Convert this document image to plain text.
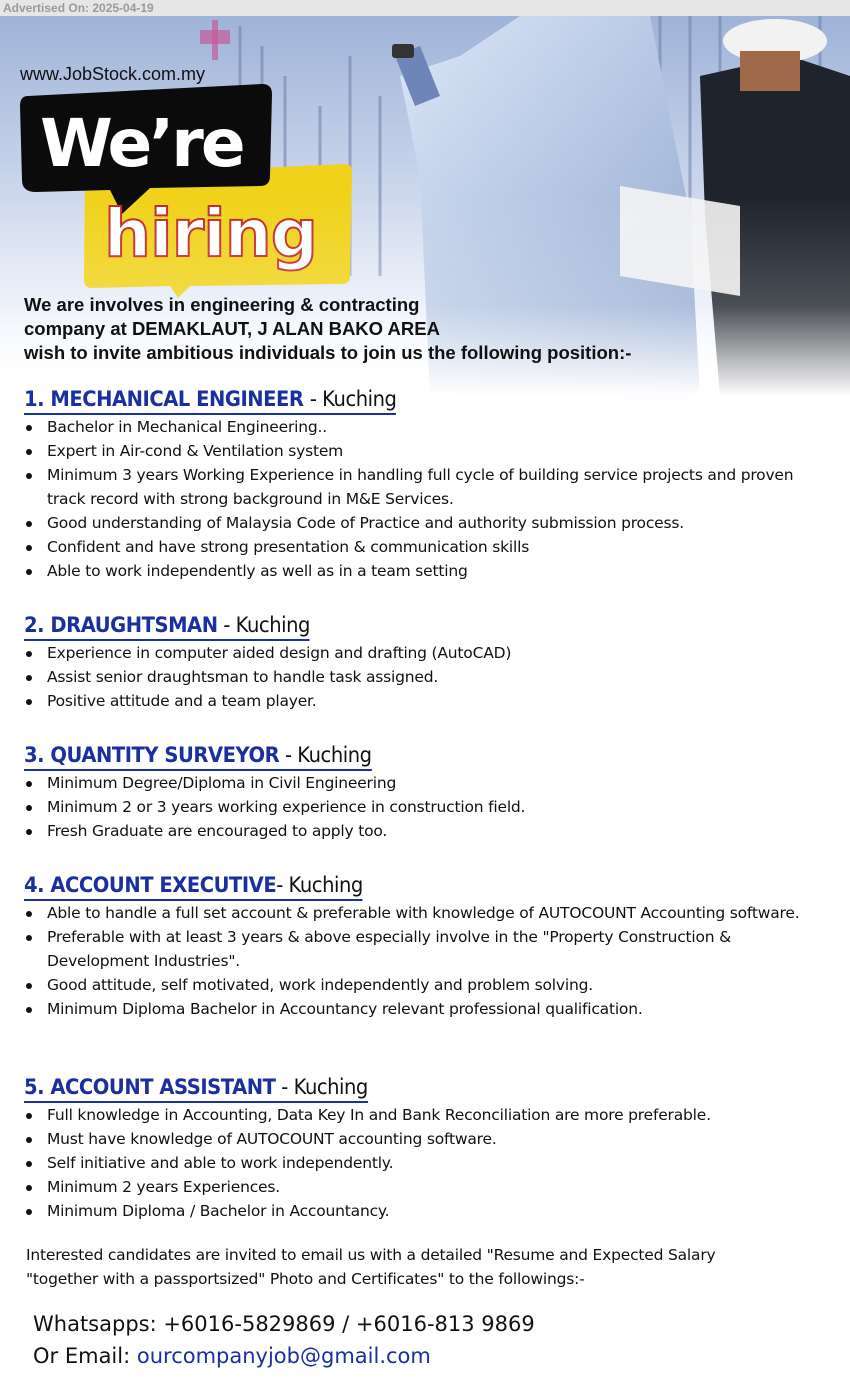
Advertised On: 2025-04-19
We’re
www.JobStock.com.my
We are involves in engineering & contracting
company at DEMAKLAUT, J ALAN BAKO AREA
wish to invite ambitious individuals to join us the following position:-
1. MECHANICAL ENGINEER - Kuching
Bachelor in Mechanical Engineering..
Expert in Air-cond & Ventilation system
Minimum 3 years Working Experience in handling full cycle of building service projects and proven track record with strong background in M&E Services.
Good understanding of Malaysia Code of Practice and authority submission process.
Confident and have strong presentation & communication skills
Able to work independently as well as in a team setting
2. DRAUGHTSMAN - Kuching
Experience in computer aided design and drafting (AutoCAD)
Assist senior draughtsman to handle task assigned.
Positive attitude and a team player.
3. QUANTITY SURVEYOR - Kuching
Minimum Degree/Diploma in Civil Engineering
Minimum 2 or 3 years working experience in construction field.
Fresh Graduate are encouraged to apply too.
4. ACCOUNT EXECUTIVE- Kuching
Able to handle a full set account & preferable with knowledge of AUTOCOUNT Accounting software.
Preferable with at least 3 years & above especially involve in the "Property Construction & Development Industries".
Good attitude, self motivated, work independently and problem solving.
Minimum Diploma Bachelor in Accountancy relevant professional qualification.
5. ACCOUNT ASSISTANT - Kuching
Full knowledge in Accounting, Data Key In and Bank Reconciliation are more preferable.
Must have knowledge of AUTOCOUNT accounting software.
Self initiative and able to work independently.
Minimum 2 years Experiences.
Minimum Diploma / Bachelor in Accountancy.
Interested candidates are invited to email us with a detailed "Resume and Expected Salary "together with a passportsized" Photo and Certificates" to the followings:-
Whatsapps: +6016-5829869 / +6016-813 9869
Or Email: ourcompanyjob@gmail.com
